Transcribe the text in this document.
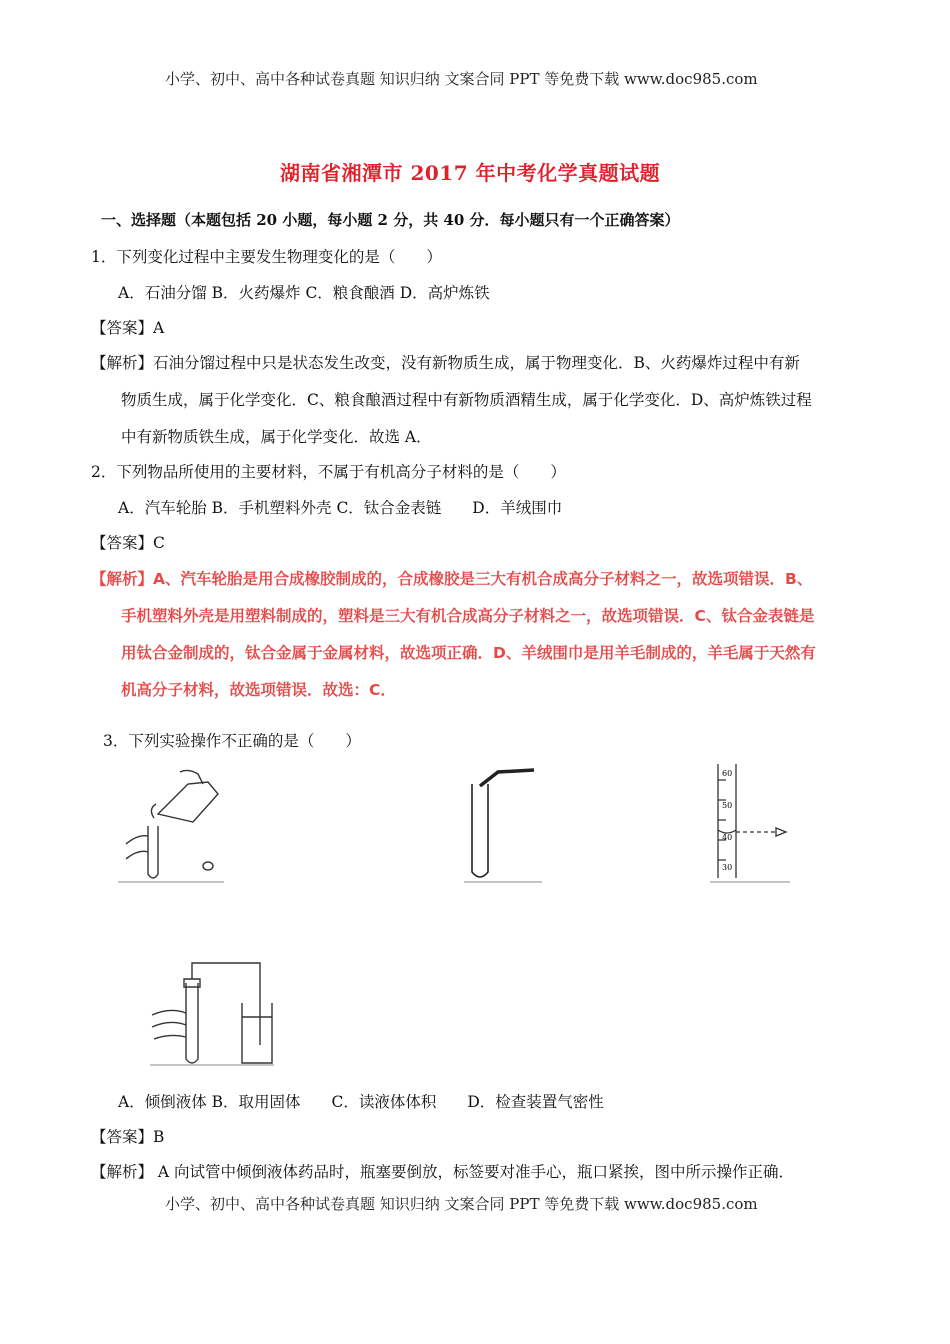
小学、初中、高中各种试卷真题 知识归纳 文案合同 PPT 等免费下载 www.doc985.com
湖南省湘潭市 2017 年中考化学真题试题
一、选择题（本题包括 20 小题，每小题 2 分，共 40 分．每小题只有一个正确答案）
1．下列变化过程中主要发生物理变化的是（　　）
A．石油分馏 B．火药爆炸 C．粮食酿酒 D．高炉炼铁
【答案】A
【解析】石油分馏过程中只是状态发生改变，没有新物质生成，属于物理变化．B、火药爆炸过程中有新
物质生成，属于化学变化．C、粮食酿酒过程中有新物质酒精生成，属于化学变化．D、高炉炼铁过程
中有新物质铁生成，属于化学变化．故选 A．
2．下列物品所使用的主要材料，不属于有机高分子材料的是（　　）
A．汽车轮胎 B．手机塑料外壳 C．钛合金表链　　D．羊绒围巾
【答案】C
【解析】A、汽车轮胎是用合成橡胶制成的，合成橡胶是三大有机合成高分子材料之一，故选项错误．B、
手机塑料外壳是用塑料制成的，塑料是三大有机合成高分子材料之一，故选项错误．C、钛合金表链是
用钛合金制成的，钛合金属于金属材料，故选项正确．D、羊绒围巾是用羊毛制成的，羊毛属于天然有
机高分子材料，故选项错误．故选：C．
3．下列实验操作不正确的是（　　）
60
50
40
30
A．倾倒液体 B．取用固体　　C．读液体体积　　D．检查装置气密性
【答案】B
【解析】 A 向试管中倾倒液体药品时，瓶塞要倒放，标签要对准手心，瓶口紧挨，图中所示操作正确．
小学、初中、高中各种试卷真题 知识归纳 文案合同 PPT 等免费下载 www.doc985.com
